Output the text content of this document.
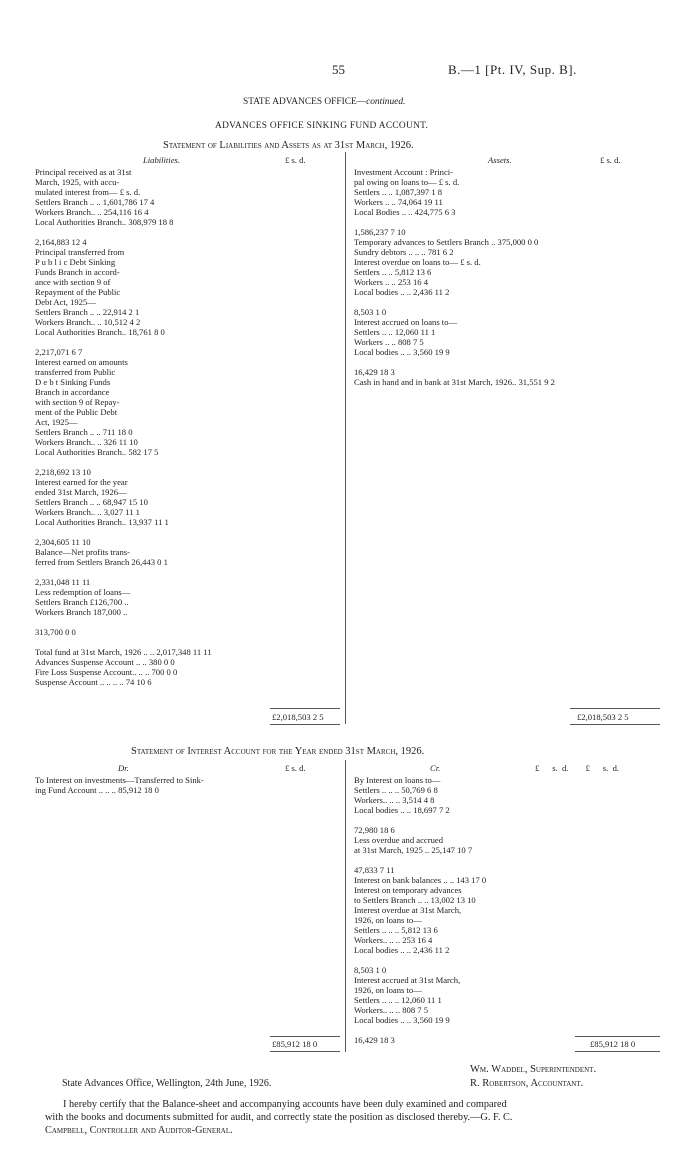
55	B.—1 [Pt. IV, Sup. B].
STATE ADVANCES OFFICE—continued.
ADVANCES OFFICE SINKING FUND ACCOUNT.
Statement of Liabilities and Assets as at 31st March, 1926.
Liabilities.	£ s. d.	Assets.	£ s. d.
Principal received as at 31st
March, 1925, with accu-
mulated interest from— £ s. d.
Settlers Branch .. .. 1,601,786 17 4
Workers Branch.. .. 254,116 16 4
Local Authorities Branch.. 308,979 18 8
2,164,883 12 4
Principal transferred from
P u b l i c Debt Sinking
Funds Branch in accord-
ance with section 9 of
Repayment of the Public
Debt Act, 1925—
Settlers Branch .. .. 22,914 2 1
Workers Branch.. .. 10,512 4 2
Local Authorities Branch.. 18,761 8 0
2,217,071 6 7
Interest earned on amounts
transferred from Public
D e b t Sinking Funds
Branch in accordance
with section 9 of Repay-
ment of the Public Debt
Act, 1925—
Settlers Branch .. .. 711 18 0
Workers Branch.. .. 326 11 10
Local Authorities Branch.. 582 17 5
2,218,692 13 10
Interest earned for the year
ended 31st March, 1926—
Settlers Branch .. .. 68,947 15 10
Workers Branch.. .. 3,027 11 1
Local Authorities Branch.. 13,937 11 1
2,304,605 11 10
Balance—Net profits trans-
ferred from Settlers Branch 26,443 0 1
2,331,048 11 11
Less redemption of loans—
Settlers Branch £126,700 ..
Workers Branch 187,000 ..
313,700 0 0
Total fund at 31st March, 1926 .. .. 2,017,348 11 11
Advances Suspense Account .. .. 380 0 0
Fire Loss Suspense Account.. .. .. 700 0 0
Suspense Account .. .. .. .. 74 10 6
Investment Account : Princi-
pal owing on loans to— £ s. d.
Settlers .. .. 1,087,397 1 8
Workers .. .. 74,064 19 11
Local Bodies .. .. 424,775 6 3
1,586,237 7 10
Temporary advances to Settlers Branch .. 375,000 0 0
Sundry debtors .. .. .. 781 6 2
Interest overdue on loans to— £ s. d.
Settlers .. .. 5,812 13 6
Workers .. .. 253 16 4
Local bodies .. .. 2,436 11 2
8,503 1 0
Interest accrued on loans to—
Settlers .. .. 12,060 11 1
Workers .. .. 808 7 5
Local bodies .. .. 3,560 19 9
16,429 18 3
Cash in hand and in bank at 31st March, 1926.. 31,551 9 2
£2,018,503 2 5	£2,018,503 2 5
Statement of Interest Account for the Year ended 31st March, 1926.
Dr.	£ s. d.	Cr.	£      s.  d.        £      s.  d.
To Interest on investments—Transferred to Sink-
ing Fund Account .. .. .. 85,912 18 0
By Interest on loans to—
Settlers .. .. .. 50,769 6 8
Workers.. .. .. 3,514 4 8
Local bodies .. .. 18,697 7 2
72,980 18 6
Less overdue and accrued
at 31st March, 1925 .. 25,147 10 7
47,833 7 11
Interest on bank balances .. .. 143 17 0
Interest on temporary advances
to Settlers Branch .. .. 13,002 13 10
Interest overdue at 31st March,
1926, on loans to—
Settlers .. .. .. 5,812 13 6
Workers.. .. .. 253 16 4
Local bodies .. .. 2,436 11 2
8,503 1 0
Interest accrued at 31st March,
1926, on loans to—
Settlers .. .. .. 12,060 11 1
Workers.. .. .. 808 7 5
Local bodies .. .. 3,560 19 9
16,429 18 3
£85,912 18 0	£85,912 18 0
Wm. Waddel, Superintendent.
State Advances Office, Wellington, 24th June, 1926.	R. Robertson, Accountant.
I hereby certify that the Balance-sheet and accompanying accounts have been duly examined and compared
with the books and documents submitted for audit, and correctly state the position as disclosed thereby.—G. F. C.
Campbell, Controller and Auditor-General.
